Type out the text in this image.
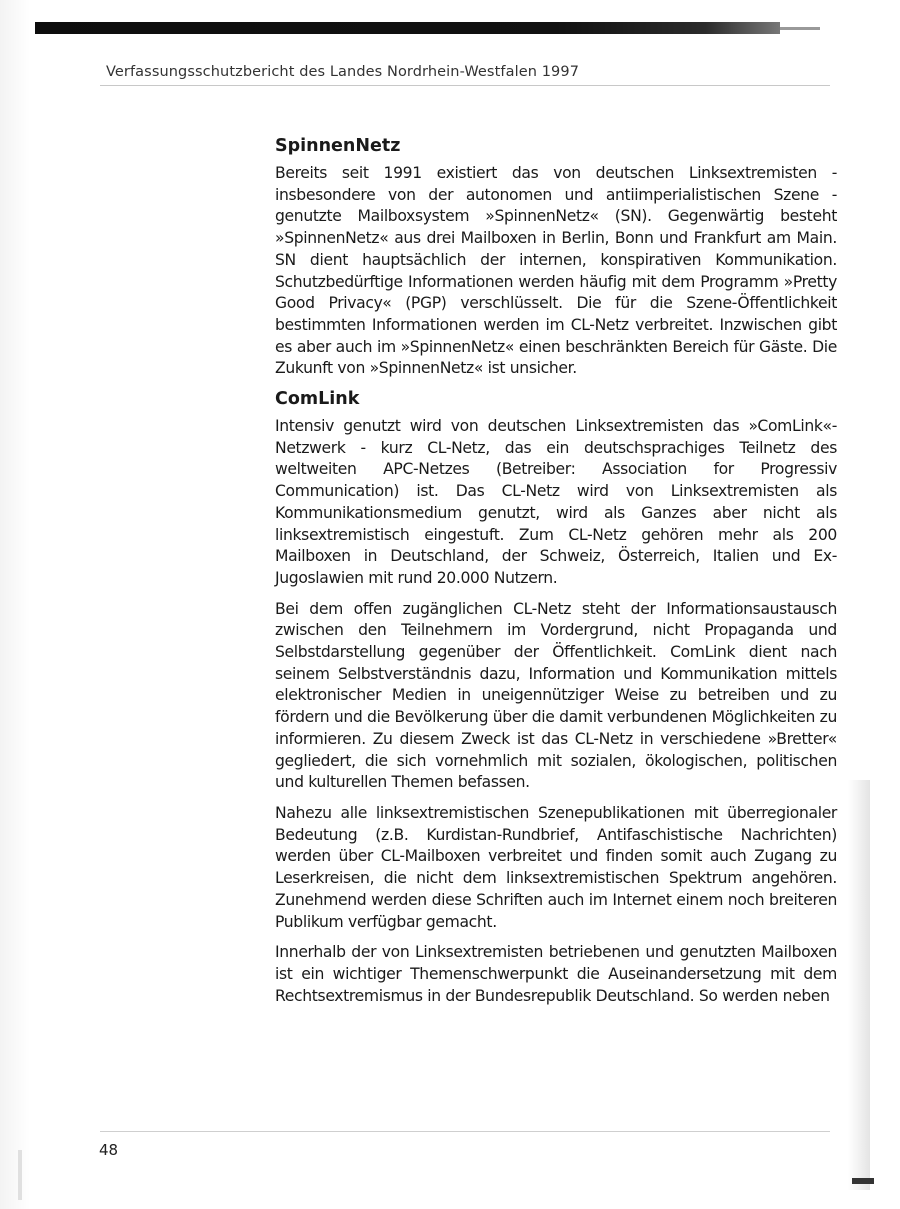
Verfassungsschutzbericht des Landes Nordrhein-Westfalen 1997
SpinnenNetz

Bereits seit 1991 existiert das von deutschen Linksextremisten - insbesondere von der autonomen und antiimperialistischen Szene - genutzte Mailboxsystem »SpinnenNetz« (SN). Gegenwärtig besteht »SpinnenNetz« aus drei Mailboxen in Berlin, Bonn und Frankfurt am Main. SN dient hauptsächlich der internen, konspirativen Kommunikation. Schutzbedürftige Informationen werden häufig mit dem Programm »Pretty Good Privacy« (PGP) verschlüsselt. Die für die Szene-Öffentlichkeit bestimmten Informationen werden im CL-Netz verbreitet. Inzwischen gibt es aber auch im »SpinnenNetz« einen beschränkten Bereich für Gäste. Die Zukunft von »SpinnenNetz« ist unsicher.

ComLink

Intensiv genutzt wird von deutschen Linksextremisten das »ComLink«-Netzwerk - kurz CL-Netz, das ein deutschsprachiges Teilnetz des weltweiten APC-Netzes (Betreiber: Association for Progressiv Communication) ist. Das CL-Netz wird von Linksextremisten als Kommunikationsmedium genutzt, wird als Ganzes aber nicht als linksextremistisch eingestuft. Zum CL-Netz gehören mehr als 200 Mailboxen in Deutschland, der Schweiz, Österreich, Italien und Ex-Jugoslawien mit rund 20.000 Nutzern.

Bei dem offen zugänglichen CL-Netz steht der Informationsaustausch zwischen den Teilnehmern im Vordergrund, nicht Propaganda und Selbstdarstellung gegenüber der Öffentlichkeit. ComLink dient nach seinem Selbstverständnis dazu, Information und Kommunikation mittels elektronischer Medien in uneigennütziger Weise zu betreiben und zu fördern und die Bevölkerung über die damit verbundenen Möglichkeiten zu informieren. Zu diesem Zweck ist das CL-Netz in verschiedene »Bretter« gegliedert, die sich vornehmlich mit sozialen, ökologischen, politischen und kulturellen Themen befassen.

Nahezu alle linksextremistischen Szenepublikationen mit überregionaler Bedeutung (z.B. Kurdistan-Rundbrief, Antifaschistische Nachrichten) werden über CL-Mailboxen verbreitet und finden somit auch Zugang zu Leserkreisen, die nicht dem linksextremistischen Spektrum angehören. Zunehmend werden diese Schriften auch im Internet einem noch breiteren Publikum verfügbar gemacht.

Innerhalb der von Linksextremisten betriebenen und genutzten Mailboxen ist ein wichtiger Themenschwerpunkt die Auseinandersetzung mit dem Rechtsextremismus in der Bundesrepublik Deutschland. So werden neben

48
